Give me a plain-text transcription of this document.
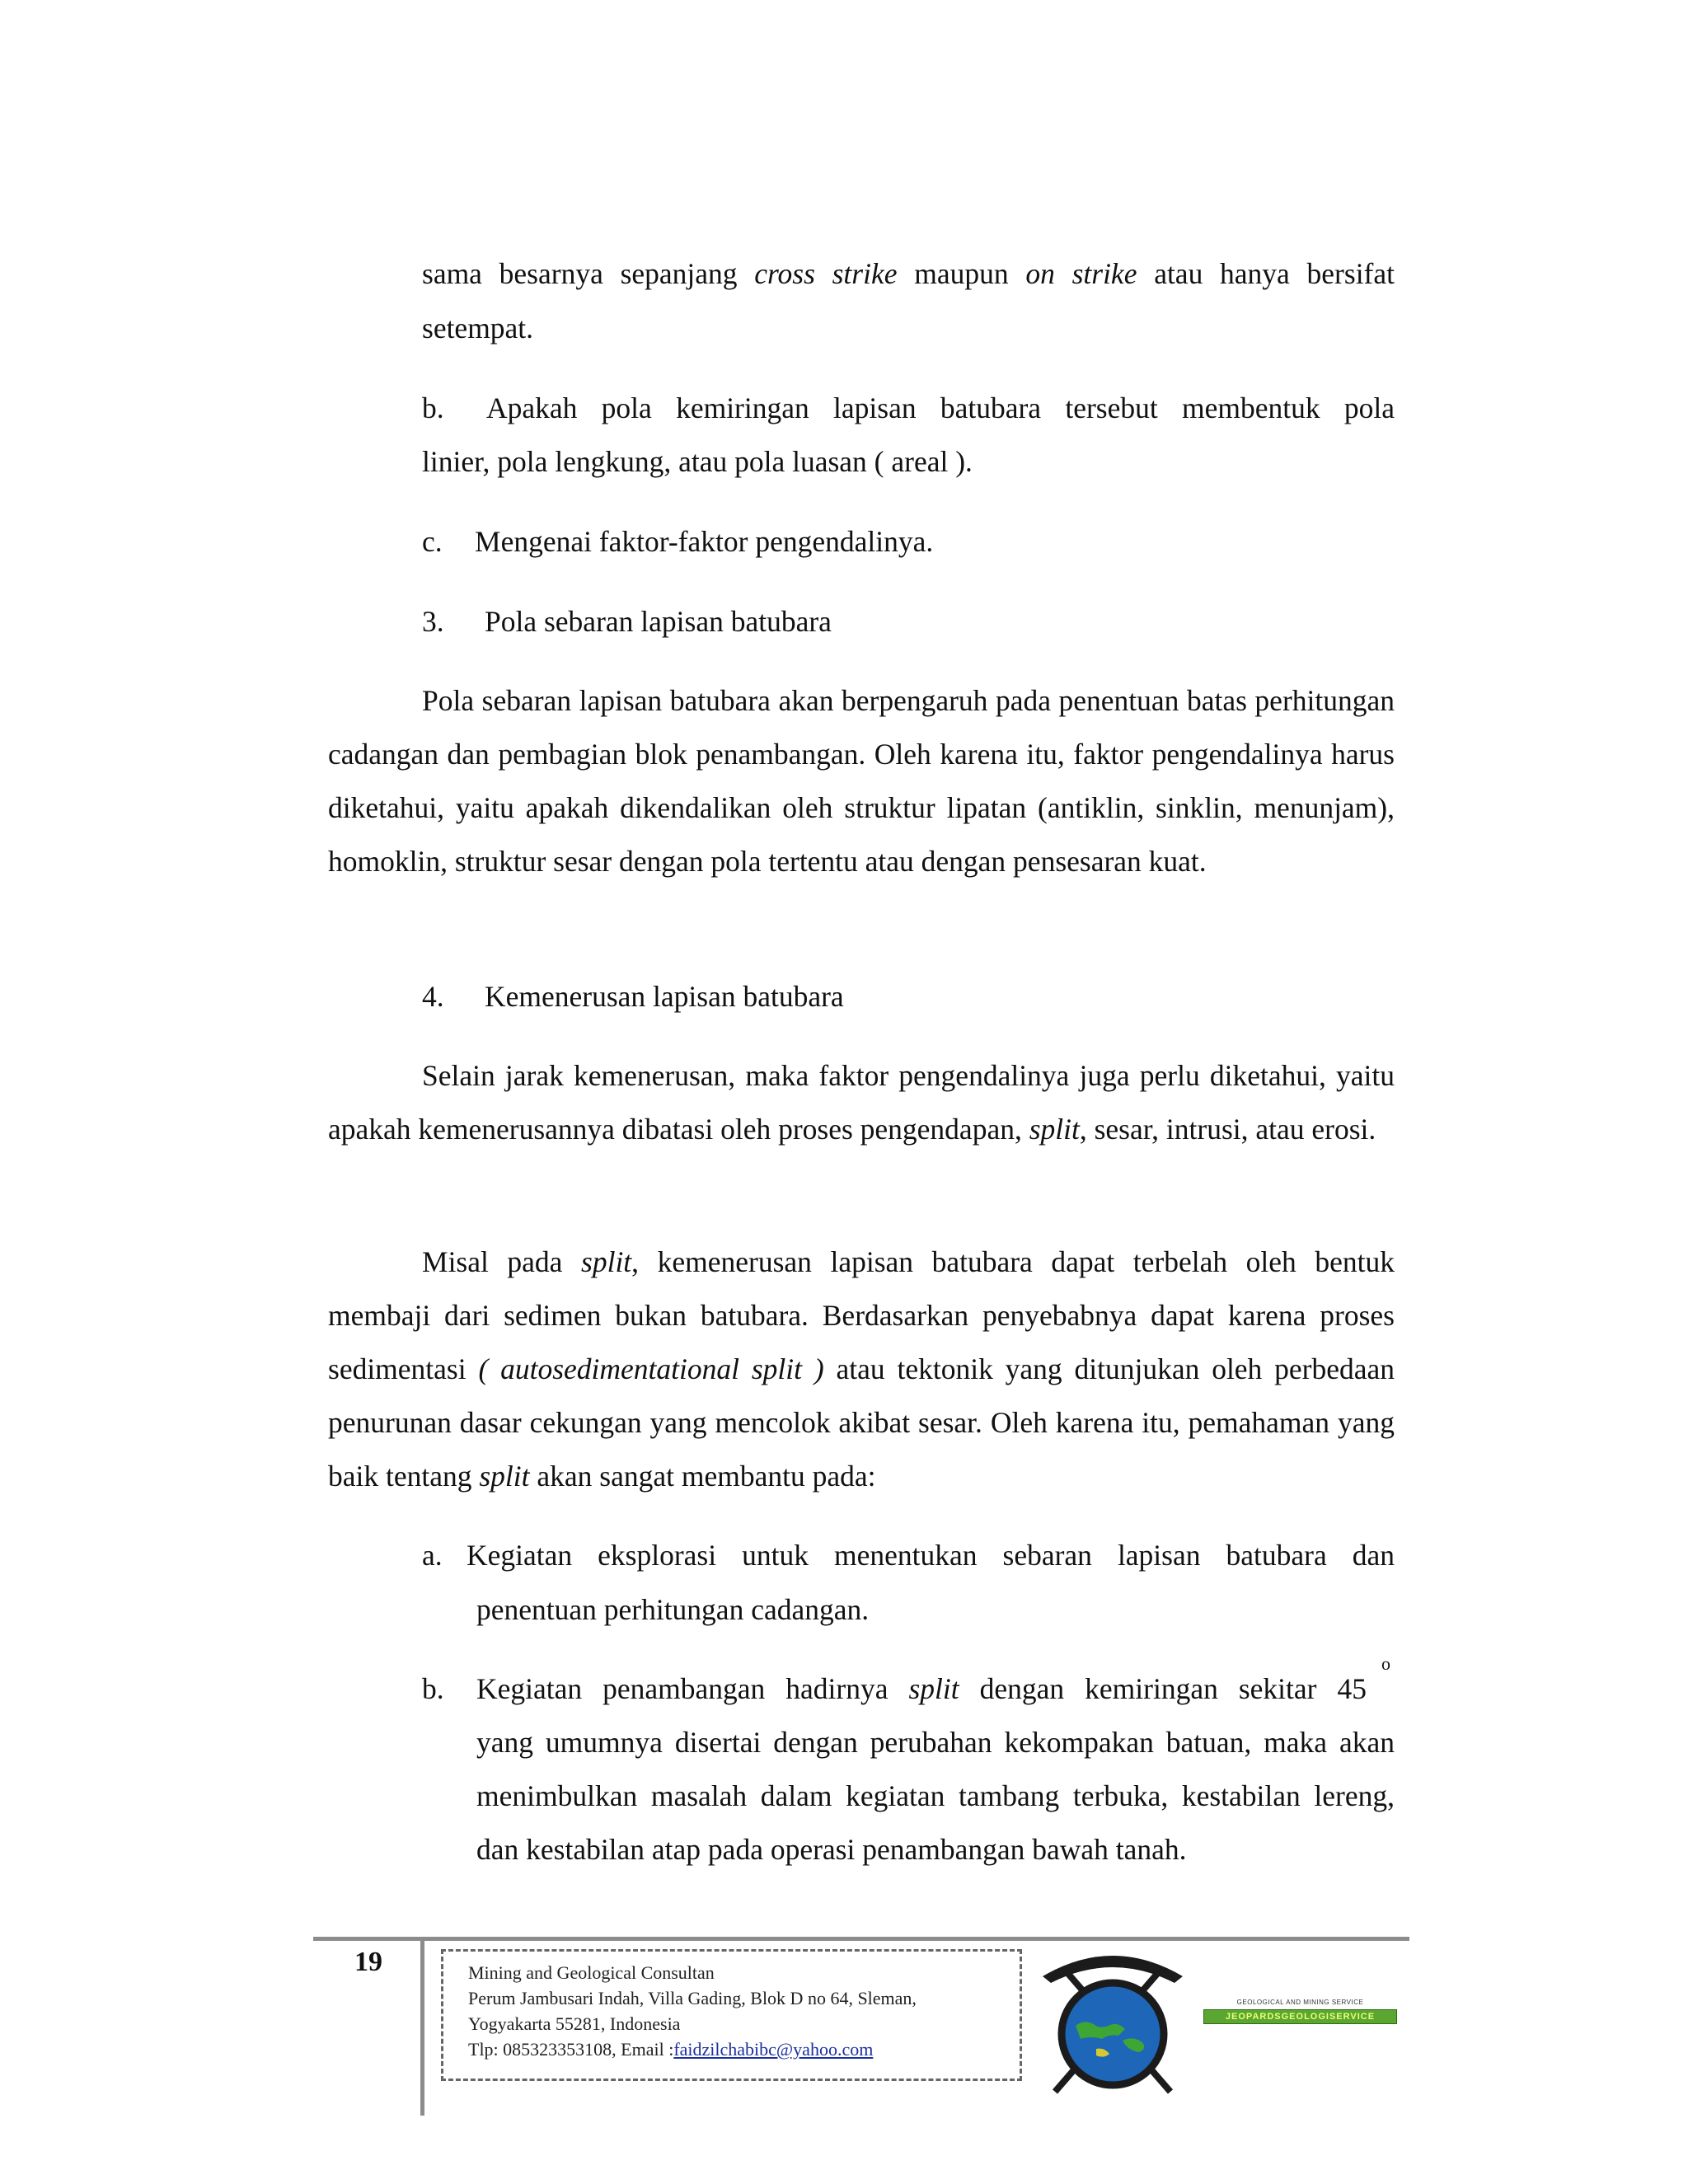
sama besarnya sepanjang cross strike maupun on strike atau hanya bersifat

setempat.

b. Apakah pola kemiringan lapisan batubara tersebut membentuk pola

linier, pola lengkung, atau pola luasan ( areal ).

c. Mengenai faktor-faktor pengendalinya.

3. Pola sebaran lapisan batubara

Pola sebaran lapisan batubara akan berpengaruh pada penentuan batas perhitungan cadangan dan pembagian blok penambangan. Oleh karena itu, faktor pengendalinya harus diketahui, yaitu apakah dikendalikan oleh struktur lipatan (antiklin, sinklin, menunjam), homoklin, struktur sesar dengan pola tertentu atau dengan pensesaran kuat.

4. Kemenerusan lapisan batubara

Selain jarak kemenerusan, maka faktor pengendalinya juga perlu diketahui, yaitu apakah kemenerusannya dibatasi oleh proses pengendapan, split, sesar, intrusi, atau erosi.

Misal pada split, kemenerusan lapisan batubara dapat terbelah oleh bentuk membaji dari sedimen bukan batubara. Berdasarkan penyebabnya dapat karena proses sedimentasi ( autosedimentational split ) atau tektonik yang ditunjukan oleh perbedaan penurunan dasar cekungan yang mencolok akibat sesar. Oleh karena itu, pemahaman yang baik tentang split akan sangat membantu pada:

a. Kegiatan eksplorasi untuk menentukan sebaran lapisan batubara dan

penentuan perhitungan cadangan.

b. Kegiatan penambangan hadirnya split dengan kemiringan sekitar 45

o

yang umumnya disertai dengan perubahan kekompakan batuan, maka akan menimbulkan masalah dalam kegiatan tambang terbuka, kestabilan lereng, dan kestabilan atap pada operasi penambangan bawah tanah.

19	Mining and Geological Consultan
Perum Jambusari Indah, Villa Gading, Blok D no 64, Sleman,
Yogyakarta 55281, Indonesia
Tlp: 085323353108, Email :faidzilchabibc@yahoo.com
GEOLOGICAL AND MINING SERVICE
JEOPARDSGEOLOGISERVICE
